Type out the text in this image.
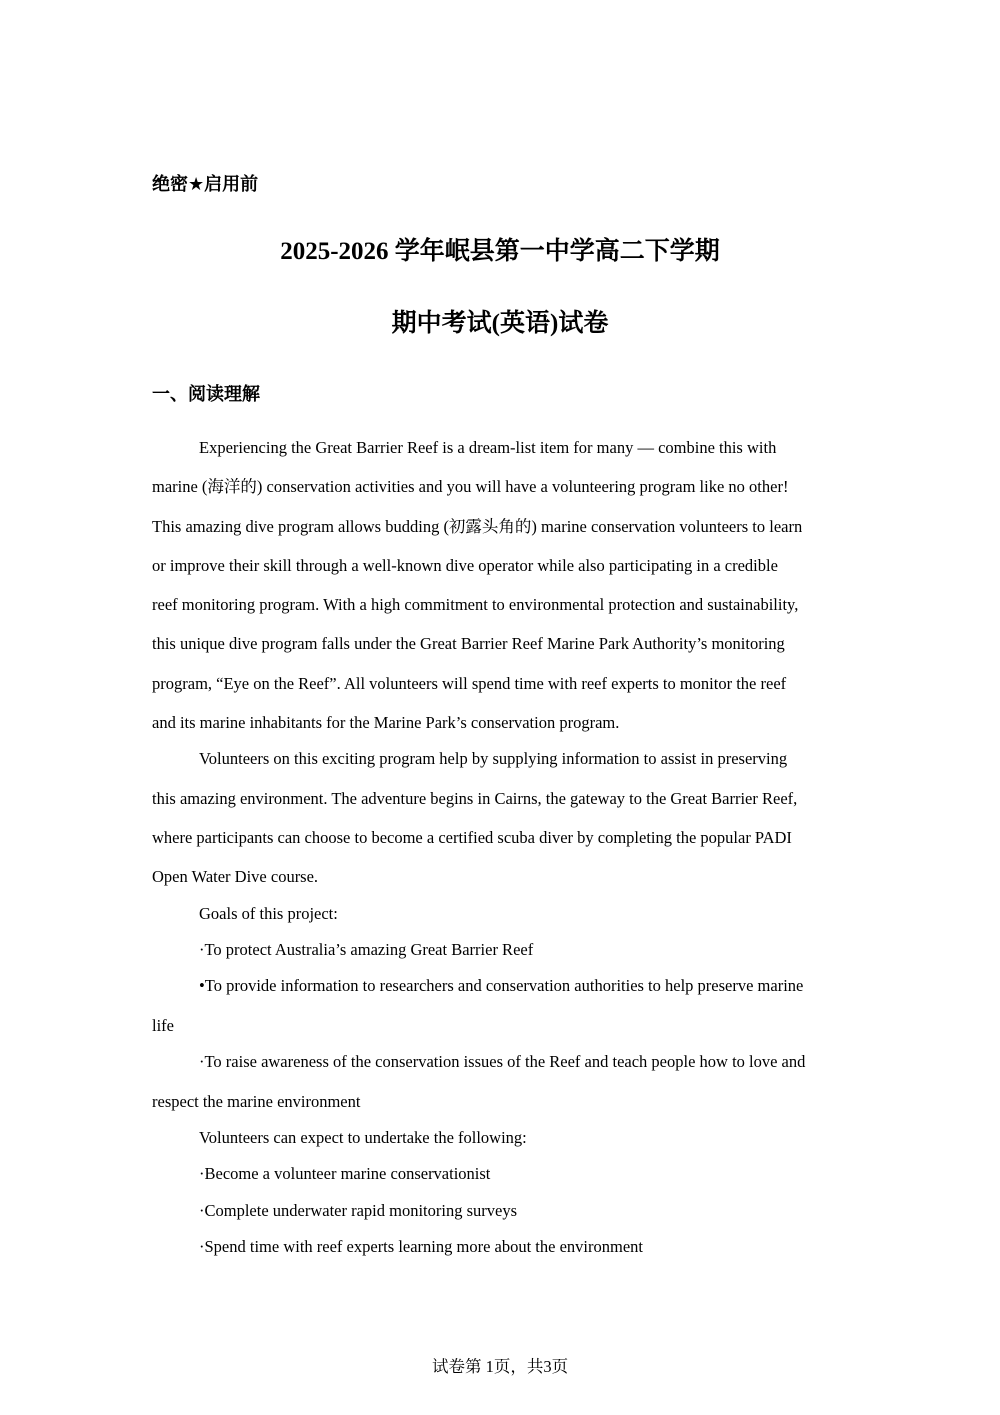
绝密★启用前
2025-2026 学年岷县第一中学高二下学期
期中考试(英语)试卷
一、阅读理解
Experiencing the Great Barrier Reef is a dream-list item for many — combine this with
marine (海洋的) conservation activities and you will have a volunteering program like no other!
This amazing dive program allows budding (初露头角的) marine conservation volunteers to learn
or improve their skill through a well-known dive operator while also participating in a credible
reef monitoring program. With a high commitment to environmental protection and sustainability,
this unique dive program falls under the Great Barrier Reef Marine Park Authority’s monitoring
program, “Eye on the Reef”. All volunteers will spend time with reef experts to monitor the reef
and its marine inhabitants for the Marine Park’s conservation program.
Volunteers on this exciting program help by supplying information to assist in preserving
this amazing environment. The adventure begins in Cairns, the gateway to the Great Barrier Reef,
where participants can choose to become a certified scuba diver by completing the popular PADI
Open Water Dive course.
Goals of this project:
·To protect Australia’s amazing Great Barrier Reef
•To provide information to researchers and conservation authorities to help preserve marine
life
·To raise awareness of the conservation issues of the Reef and teach people how to love and
respect the marine environment
Volunteers can expect to undertake the following:
·Become a volunteer marine conservationist
·Complete underwater rapid monitoring surveys
·Spend time with reef experts learning more about the environment
试卷第 1页，共3页
